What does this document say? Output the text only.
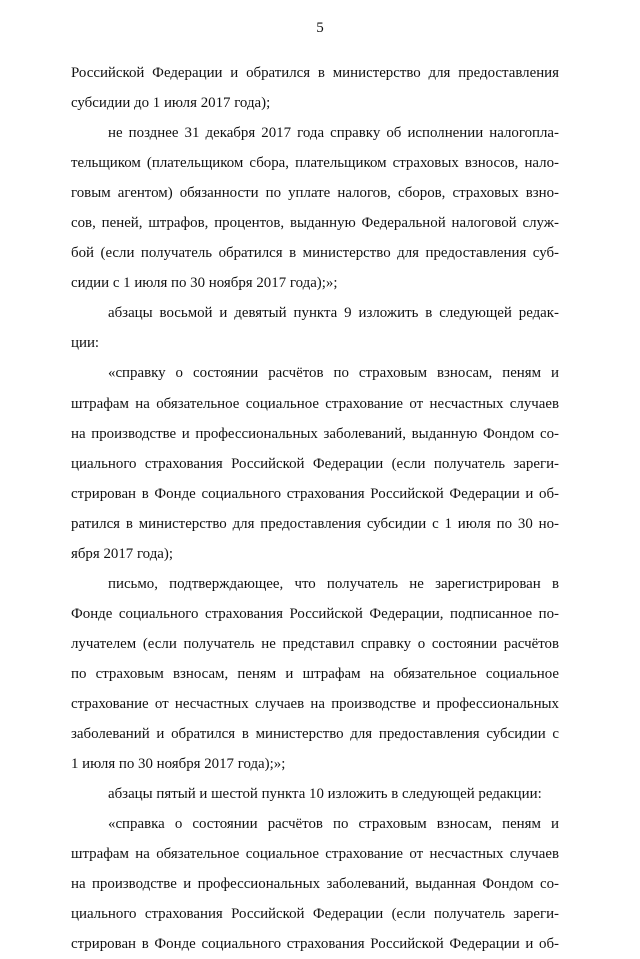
5
Российской Федерации и обратился в министерство для предоставления
субсидии до 1 июля 2017 года);
не позднее 31 декабря 2017 года справку об исполнении налогопла-
тельщиком (плательщиком сбора, плательщиком страховых взносов, нало-
говым агентом) обязанности по уплате налогов, сборов, страховых взно-
сов, пеней, штрафов, процентов, выданную Федеральной налоговой служ-
бой (если получатель обратился в министерство для предоставления суб-
сидии с 1 июля по 30 ноября 2017 года);»;
абзацы восьмой и девятый пункта 9 изложить в следующей редак-
ции:
«справку о состоянии расчётов по страховым взносам, пеням и
штрафам на обязательное социальное страхование от несчастных случаев
на производстве и профессиональных заболеваний, выданную Фондом со-
циального страхования Российской Федерации (если получатель зареги-
стрирован в Фонде социального страхования Российской Федерации и об-
ратился в министерство для предоставления субсидии с 1 июля по 30 но-
ября 2017 года);
письмо, подтверждающее, что получатель не зарегистрирован в
Фонде социального страхования Российской Федерации, подписанное по-
лучателем (если получатель не представил справку о состоянии расчётов
по страховым взносам, пеням и штрафам на обязательное социальное
страхование от несчастных случаев на производстве и профессиональных
заболеваний и обратился в министерство для предоставления субсидии с
1 июля по 30 ноября 2017 года);»;
абзацы пятый и шестой пункта 10 изложить в следующей редакции:
«справка о состоянии расчётов по страховым взносам, пеням и
штрафам на обязательное социальное страхование от несчастных случаев
на производстве и профессиональных заболеваний, выданная Фондом со-
циального страхования Российской Федерации (если получатель зареги-
стрирован в Фонде социального страхования Российской Федерации и об-
